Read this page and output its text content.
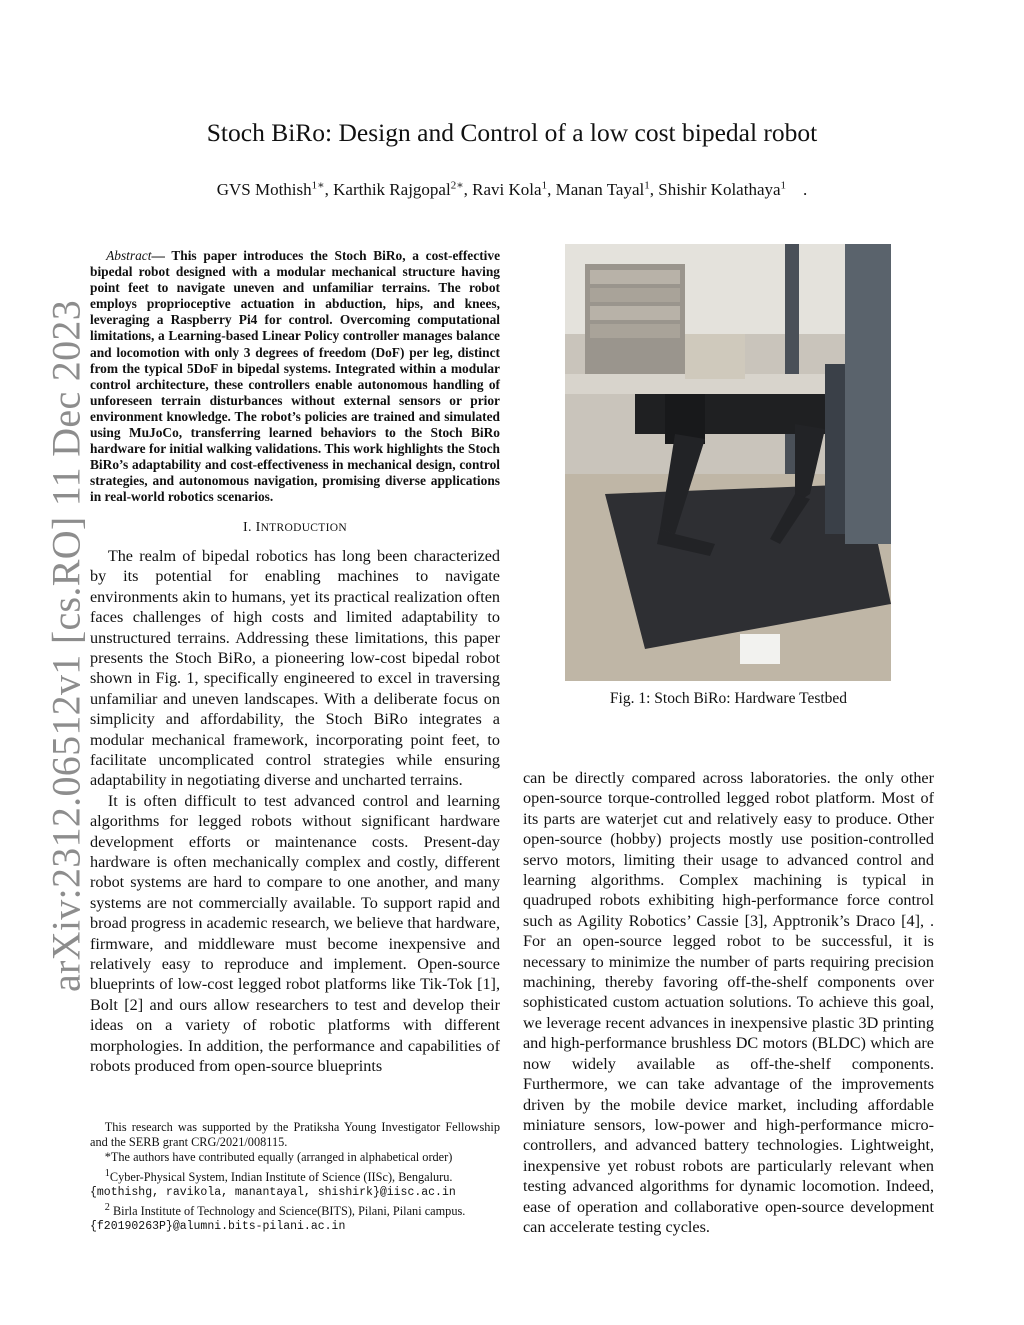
arXiv:2312.06512v1 [cs.RO] 11 Dec 2023
Stoch BiRo: Design and Control of a low cost bipedal robot
GVS Mothish$^{1∗}$, Karthik Rajgopal$^{2∗}$, Ravi Kola$^1$, Manan Tayal$^1$, Shishir Kolathaya$^1$    .

Abstract— This paper introduces the Stoch BiRo, a cost-effective bipedal robot designed with a modular mechanical structure having point feet to navigate uneven and unfamiliar terrains. The robot employs proprioceptive actuation in abduction, hips, and knees, leveraging a Raspberry Pi4 for control. Overcoming computational limitations, a Learning-based Linear Policy controller manages balance and locomotion with only 3 degrees of freedom (DoF) per leg, distinct from the typical 5DoF in bipedal systems. Integrated within a modular control architecture, these controllers enable autonomous handling of unforeseen terrain disturbances without external sensors or prior environment knowledge. The robot’s policies are trained and simulated using MuJoCo, transferring learned behaviors to the Stoch BiRo hardware for initial walking validations. This work highlights the Stoch BiRo’s adaptability and cost-effectiveness in mechanical design, control strategies, and autonomous navigation, promising diverse applications in real-world robotics scenarios.

I. INTRODUCTION

The realm of bipedal robotics has long been characterized by its potential for enabling machines to navigate environments akin to humans, yet its practical realization often faces challenges of high costs and limited adaptability to unstructured terrains. Addressing these limitations, this paper presents the Stoch BiRo, a pioneering low-cost bipedal robot shown in Fig. 1, specifically engineered to excel in traversing unfamiliar and uneven landscapes. With a deliberate focus on simplicity and affordability, the Stoch BiRo integrates a modular mechanical framework, incorporating point feet, to facilitate uncomplicated control strategies while ensuring adaptability in negotiating diverse and uncharted terrains.

It is often difficult to test advanced control and learning algorithms for legged robots without significant hardware development efforts or maintenance costs. Present-day hardware is often mechanically complex and costly, different robot systems are hard to compare to one another, and many systems are not commercially available. To support rapid and broad progress in academic research, we believe that hardware, firmware, and middleware must become inexpensive and relatively easy to reproduce and implement. Open-source blueprints of low-cost legged robot platforms like Tik-Tok [1], Bolt [2] and ours allow researchers to test and develop their ideas on a variety of robotic platforms with different morphologies. In addition, the performance and capabilities of robots produced from open-source blueprints

This research was supported by the Pratiksha Young Investigator Fellowship and the SERB grant CRG/2021/008115.

*The authors have contributed equally (arranged in alphabetical order)

$^1$Cyber-Physical System, Indian Institute of Science (IISc), Bengaluru.

{mothishg, ravikola, manantayal, shishirk}@iisc.ac.in

$^2$ Birla Institute of Technology and Science(BITS), Pilani, Pilani campus.

{f20190263P}@alumni.bits-pilani.ac.in
Fig. 1: Stoch BiRo: Hardware Testbed

can be directly compared across laboratories. the only other open-source torque-controlled legged robot platform. Most of its parts are waterjet cut and relatively easy to produce. Other open-source (hobby) projects mostly use position-controlled servo motors, limiting their usage to advanced control and learning algorithms. Complex machining is typical in quadruped robots exhibiting high-performance force control such as Agility Robotics’ Cassie [3], Apptronik’s Draco [4], . For an open-source legged robot to be successful, it is necessary to minimize the number of parts requiring precision machining, thereby favoring off-the-shelf components over sophisticated custom actuation solutions. To achieve this goal, we leverage recent advances in inexpensive plastic 3D printing and high-performance brushless DC motors (BLDC) which are now widely available as off-the-shelf components. Furthermore, we can take advantage of the improvements driven by the mobile device market, including affordable miniature sensors, low-power and high-performance micro-controllers, and advanced battery technologies. Lightweight, inexpensive yet robust robots are particularly relevant when testing advanced algorithms for dynamic locomotion. Indeed, ease of operation and collaborative open-source development can accelerate testing cycles.
